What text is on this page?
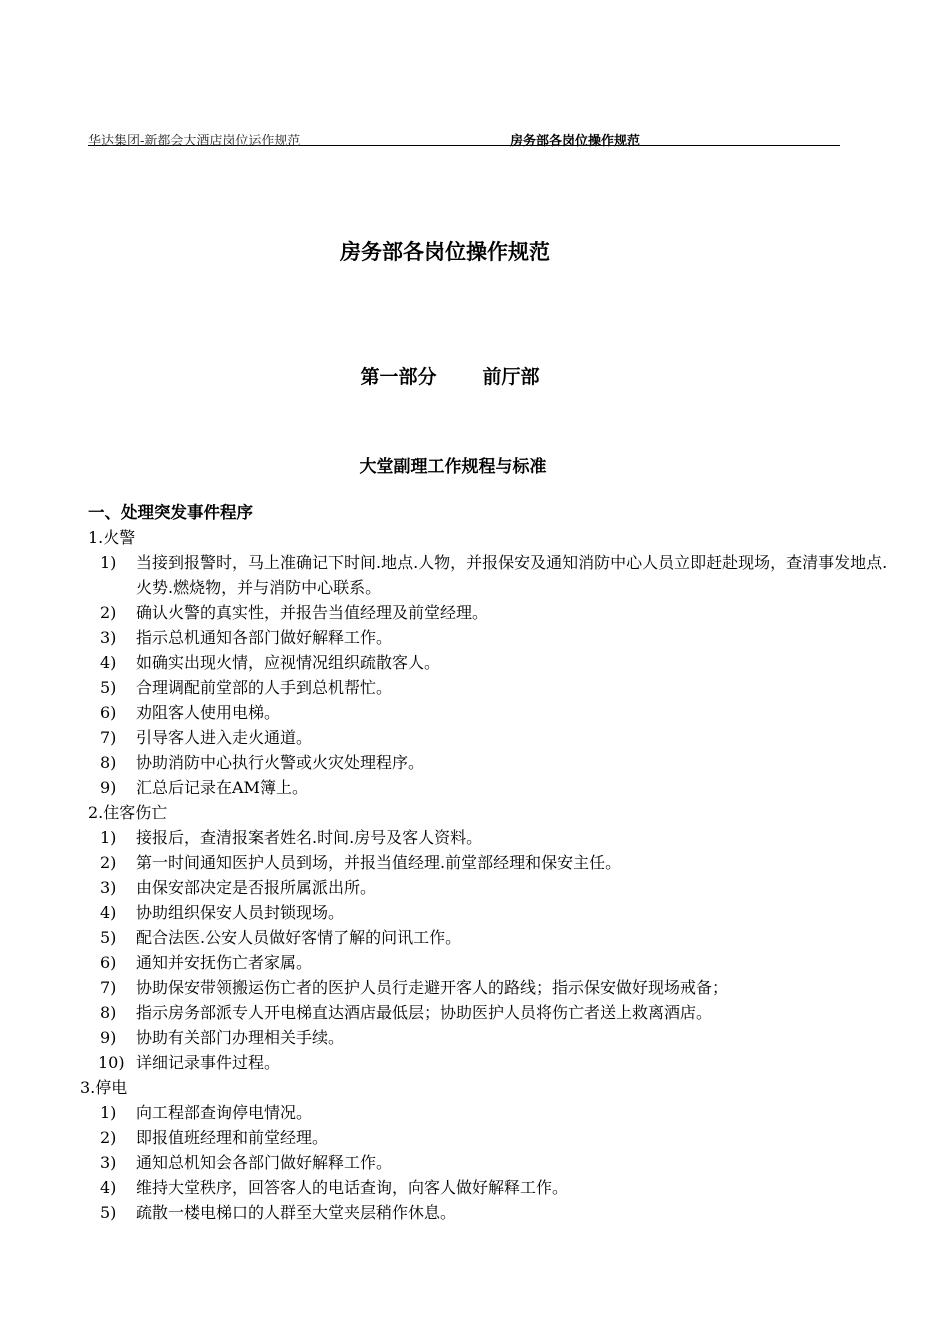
华达集团-新都会大酒店岗位运作规范	房务部各岗位操作规范
房务部各岗位操作规范
第一部分 前厅部
大堂副理工作规程与标准
一、处理突发事件程序
1.火警
1)	当接到报警时，马上准确记下时间.地点.人物，并报保安及通知消防中心人员立即赶赴现场，查清事发地点.火势.燃烧物，并与消防中心联系。
2)	确认火警的真实性，并报告当值经理及前堂经理。
3)	指示总机通知各部门做好解释工作。
4)	如确实出现火情，应视情况组织疏散客人。
5)	合理调配前堂部的人手到总机帮忙。
6)	劝阻客人使用电梯。
7)	引导客人进入走火通道。
8)	协助消防中心执行火警或火灾处理程序。
9)	汇总后记录在AM簿上。
2.住客伤亡
1)	接报后，查清报案者姓名.时间.房号及客人资料。
2)	第一时间通知医护人员到场，并报当值经理.前堂部经理和保安主任。
3)	由保安部决定是否报所属派出所。
4)	协助组织保安人员封锁现场。
5)	配合法医.公安人员做好客情了解的问讯工作。
6)	通知并安抚伤亡者家属。
7)	协助保安带领搬运伤亡者的医护人员行走避开客人的路线；指示保安做好现场戒备；
8)	指示房务部派专人开电梯直达酒店最低层；协助医护人员将伤亡者送上救离酒店。
9)	协助有关部门办理相关手续。
10) 详细记录事件过程。
3.停电
1)	向工程部查询停电情况。
2)	即报值班经理和前堂经理。
3)	通知总机知会各部门做好解释工作。
4)	维持大堂秩序，回答客人的电话查询，向客人做好解释工作。
5)	疏散一楼电梯口的人群至大堂夹层稍作休息。
